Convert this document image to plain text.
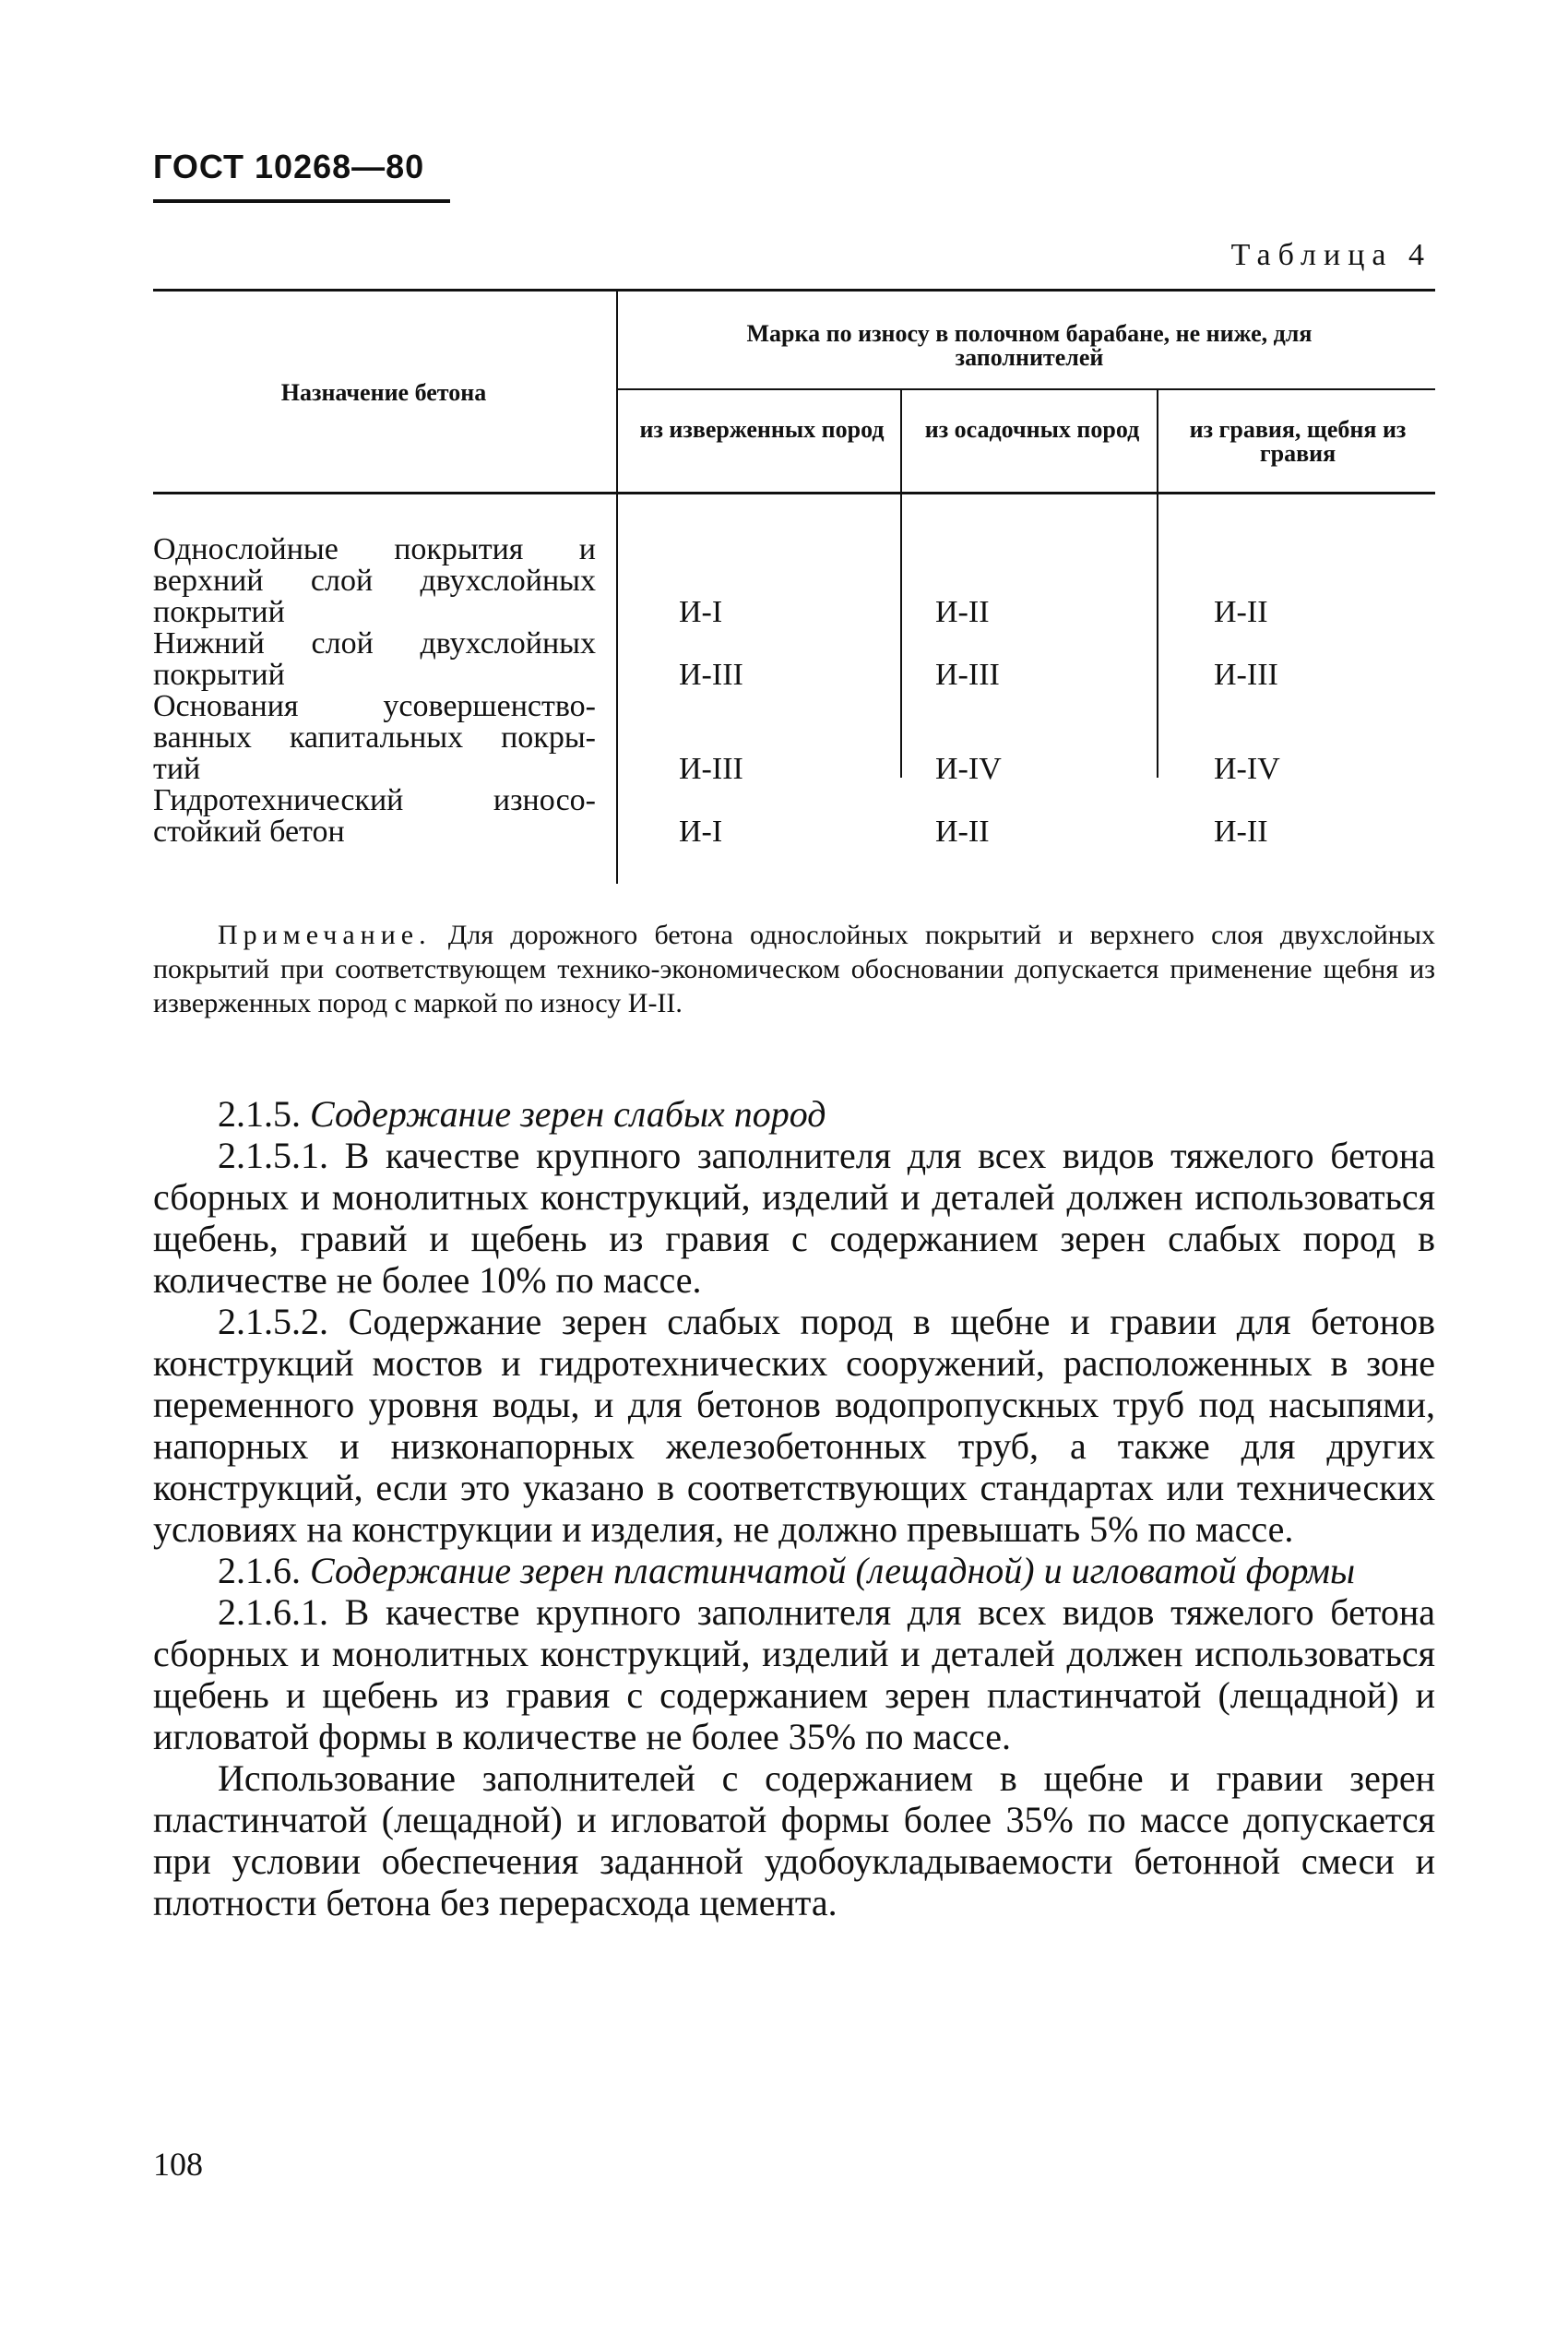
ГОСТ 10268—80
Таблица 4
Назначение бетона
Марка по износу в полочном барабане, не ниже, для заполнителей
из изверженных пород	из осадочных пород	из гравия, щебня из гравия
Однослойные покрытия и
верхний слой двухслойных
покрытий	И-I	И-II	И-II
Нижний слой двухслойных
покрытий	И-III	И-III	И-III
Основания усовершенство-
ванных капитальных покры-
тий	И-III	И-IV	И-IV
Гидротехнический износо-
стойкий бетон	И-I	И-II	И-II
Примечание. Для дорожного бетона однослойных покрытий и верхнего слоя двухслойных покрытий при соответствующем технико-экономическом обосновании допускается применение щебня из изверженных пород с маркой по износу И-II.

2.1.5. Содержание зерен слабых пород

2.1.5.1. В качестве крупного заполнителя для всех видов тяжелого бетона сборных и монолитных конструкций, изделий и деталей должен использоваться щебень, гравий и щебень из гравия с содержанием зерен слабых пород в количестве не более 10% по массе.

2.1.5.2. Содержание зерен слабых пород в щебне и гравии для бетонов конструкций мостов и гидротехнических сооружений, расположенных в зоне переменного уровня воды, и для бетонов водопропускных труб под насыпями, напорных и низконапорных железобетонных труб, а также для других конструкций, если это указано в соответствующих стандартах или технических условиях на конструкции и изделия, не должно превышать 5% по массе.

2.1.6. Содержание зерен пластинчатой (лещадной) и игловатой формы

2.1.6.1. В качестве крупного заполнителя для всех видов тяжелого бетона сборных и монолитных конструкций, изделий и деталей должен использоваться щебень и щебень из гравия с содержанием зерен пластинчатой (лещадной) и игловатой формы в количестве не более 35% по массе.

Использование заполнителей с содержанием в щебне и гравии зерен пластинчатой (лещадной) и игловатой формы более 35% по массе допускается при условии обеспечения заданной удобоукладываемости бетонной смеси и плотности бетона без перерасхода цемента.

108
